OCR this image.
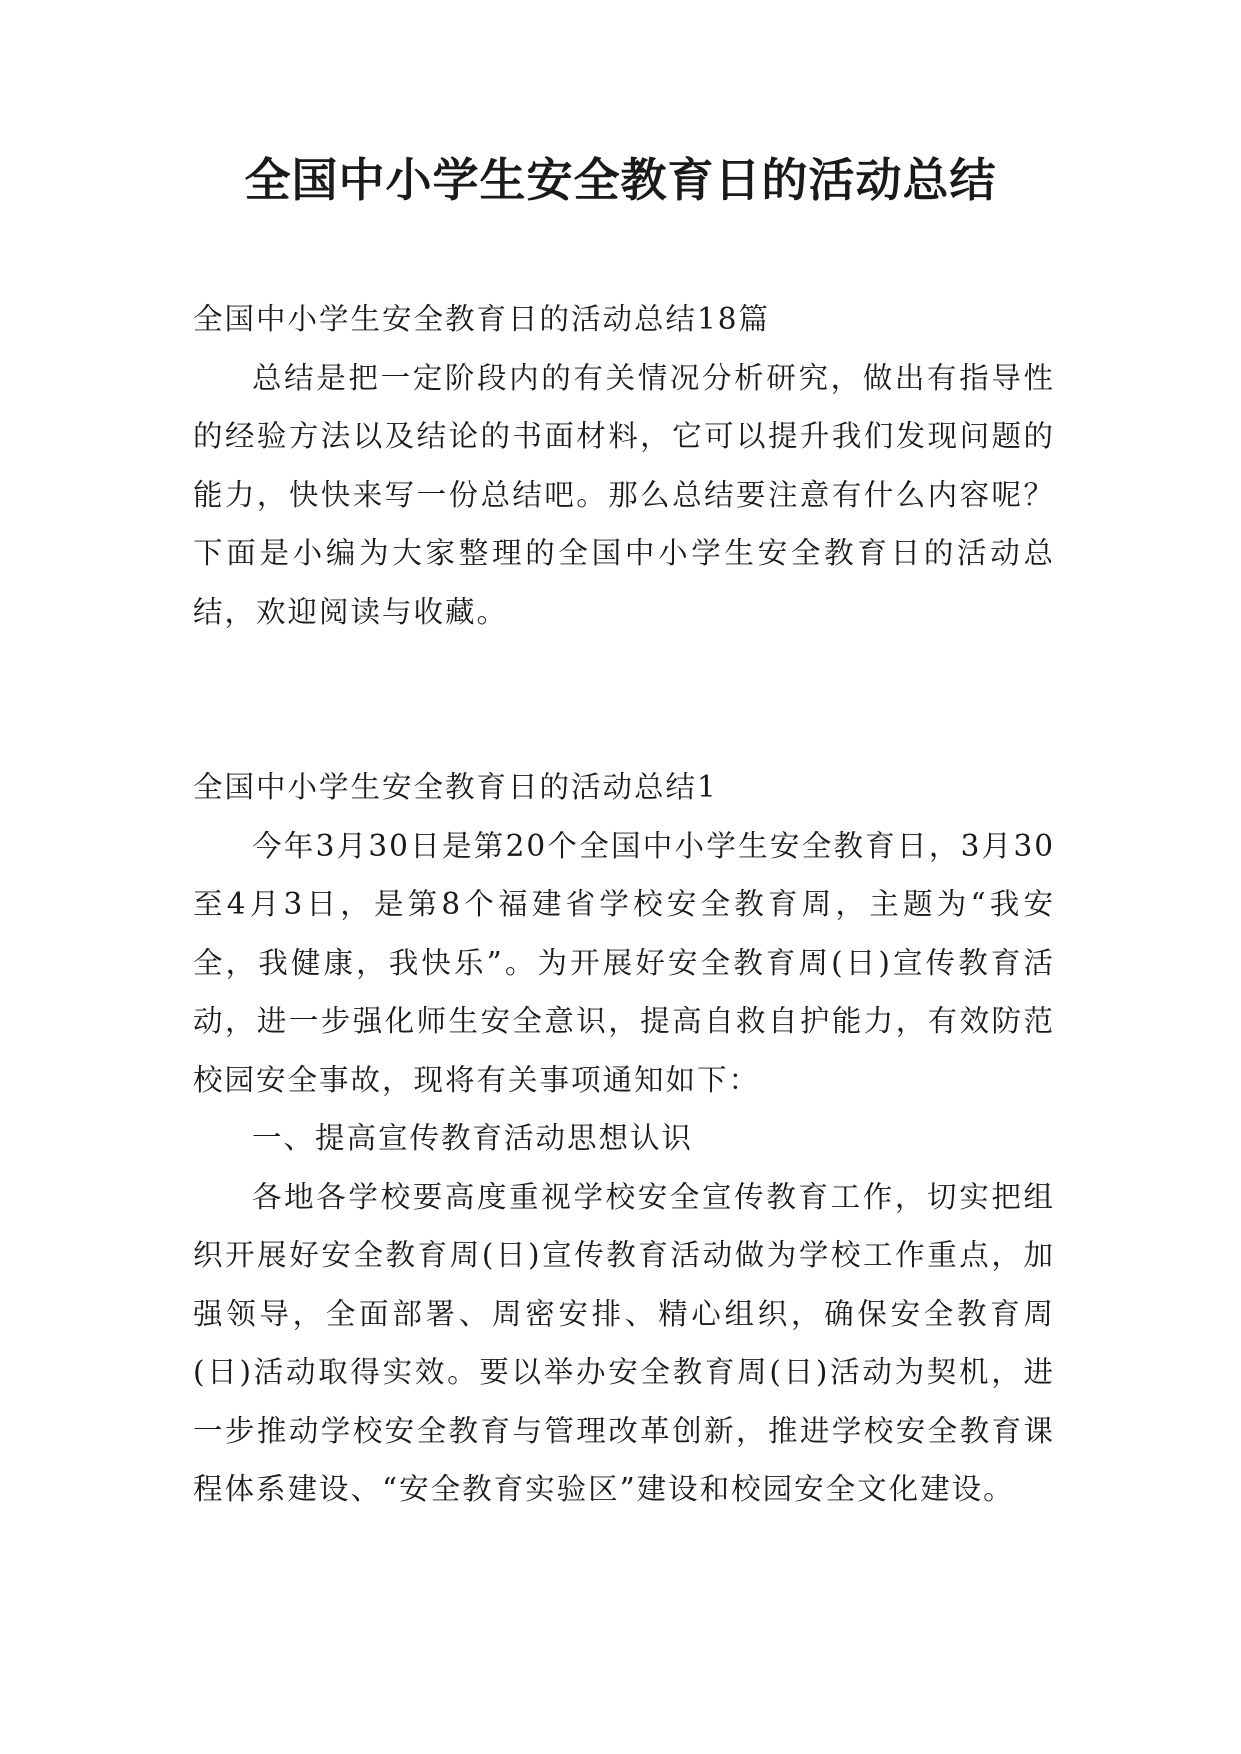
全国中小学生安全教育日的活动总结

全国中小学生安全教育日的活动总结18篇

总结是把一定阶段内的有关情况分析研究，做出有指导性的经验方法以及结论的书面材料，它可以提升我们发现问题的能力，快快来写一份总结吧。那么总结要注意有什么内容呢？下面是小编为大家整理的全国中小学生安全教育日的活动总结，欢迎阅读与收藏。

全国中小学生安全教育日的活动总结1

今年3月30日是第20个全国中小学生安全教育日，3月30至4月3日，是第8个福建省学校安全教育周，主题为“我安全，我健康，我快乐”。为开展好安全教育周(日)宣传教育活动，进一步强化师生安全意识，提高自救自护能力，有效防范校园安全事故，现将有关事项通知如下：

一、提高宣传教育活动思想认识

各地各学校要高度重视学校安全宣传教育工作，切实把组织开展好安全教育周(日)宣传教育活动做为学校工作重点，加强领导，全面部署、周密安排、精心组织，确保安全教育周(日)活动取得实效。要以举办安全教育周(日)活动为契机，进一步推动学校安全教育与管理改革创新，推进学校安全教育课程体系建设、“安全教育实验区”建设和校园安全文化建设。
